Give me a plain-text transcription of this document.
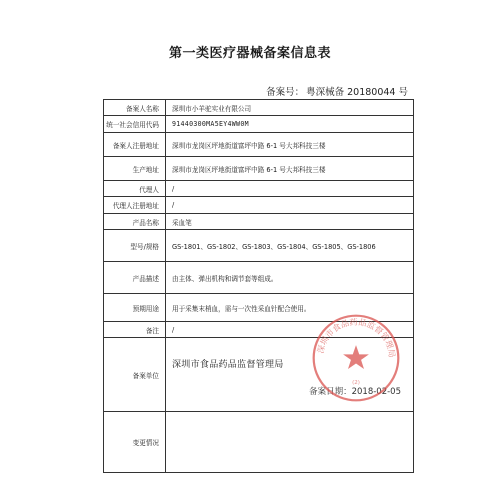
第一类医疗器械备案信息表
备案号： 粤深械备 20180044 号
备案人名称	深圳市小羊驼实业有限公司
统一社会信用代码	91440300MA5EY4WW0M
备案人注册地址	深圳市龙岗区坪地街道富坪中路 6-1 号大邦科技三楼
生产地址	深圳市龙岗区坪地街道富坪中路 6-1 号大邦科技三楼
代理人	/
代理人注册地址	/
产品名称	采血笔
型号/规格	GS-1801、GS-1802、GS-1803、GS-1804、GS-1805、GS-1806
产品描述	由主体、弹出机构和调节套等组成。
预期用途	用于采集末梢血，需与一次性采血针配合使用。
备注	/
备案单位	深圳市食品药品监督管理局
备案日期：2018-02-05

变更情况	
深圳市食品药品监督管理局
(2)
